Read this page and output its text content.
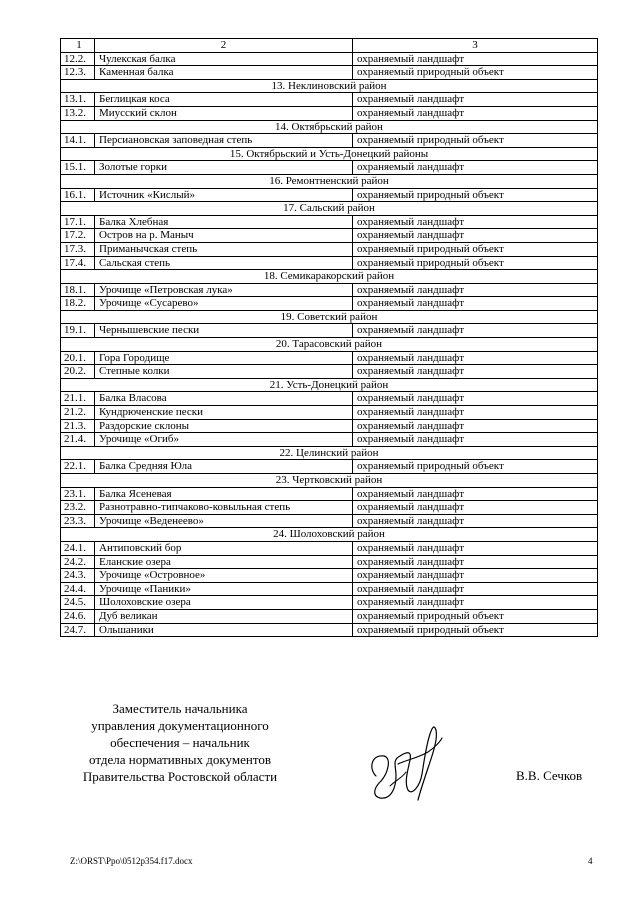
1	2	3
12.2.	Чулекская балка	охраняемый ландшафт
12.3.	Каменная балка	охраняемый природный объект
13. Неклиновский район		
13.1.	Беглицкая коса	охраняемый ландшафт
13.2.	Миусский склон	охраняемый ландшафт
14. Октябрьский район		
14.1.	Персиановская заповедная степь	охраняемый природный объект
15. Октябрьский и Усть-Донецкий районы		
15.1.	Золотые горки	охраняемый ландшафт
16. Ремонтненский район		
16.1.	Источник «Кислый»	охраняемый природный объект
17. Сальский район		
17.1.	Балка Хлебная	охраняемый ландшафт
17.2.	Остров на р. Маныч	охраняемый ландшафт
17.3.	Приманычская степь	охраняемый природный объект
17.4.	Сальская степь	охраняемый природный объект
18. Семикаракорский район		
18.1.	Урочище «Петровская лука»	охраняемый ландшафт
18.2.	Урочище «Сусарево»	охраняемый ландшафт
19. Советский район		
19.1.	Чернышевские пески	охраняемый ландшафт
20. Тарасовский район		
20.1.	Гора Городище	охраняемый ландшафт
20.2.	Степные колки	охраняемый ландшафт
21. Усть-Донецкий район		
21.1.	Балка Власова	охраняемый ландшафт
21.2.	Кундрюченские пески	охраняемый ландшафт
21.3.	Раздорские склоны	охраняемый ландшафт
21.4.	Урочище «Огиб»	охраняемый ландшафт
22. Целинский район		
22.1.	Балка Средняя Юла	охраняемый природный объект
23. Чертковский район		
23.1.	Балка Ясеневая	охраняемый ландшафт
23.2.	Разнотравно-типчаково-ковыльная степь	охраняемый ландшафт
23.3.	Урочище «Веденеево»	охраняемый ландшафт
24. Шолоховский район		
24.1.	Антиповский бор	охраняемый ландшафт
24.2.	Еланские озера	охраняемый ландшафт
24.3.	Урочище «Островное»	охраняемый ландшафт
24.4.	Урочище «Паники»	охраняемый ландшафт
24.5.	Шолоховские озера	охраняемый ландшафт
24.6.	Дуб великан	охраняемый природный объект
24.7.	Ольшаники	охраняемый природный объект
Заместитель начальника
управления документационного
обеспечения – начальник
отдела нормативных документов
Правительства Ростовской области	В.В. Сечков
Z:\ORST\Ppo\0512p354.f17.docx	4
